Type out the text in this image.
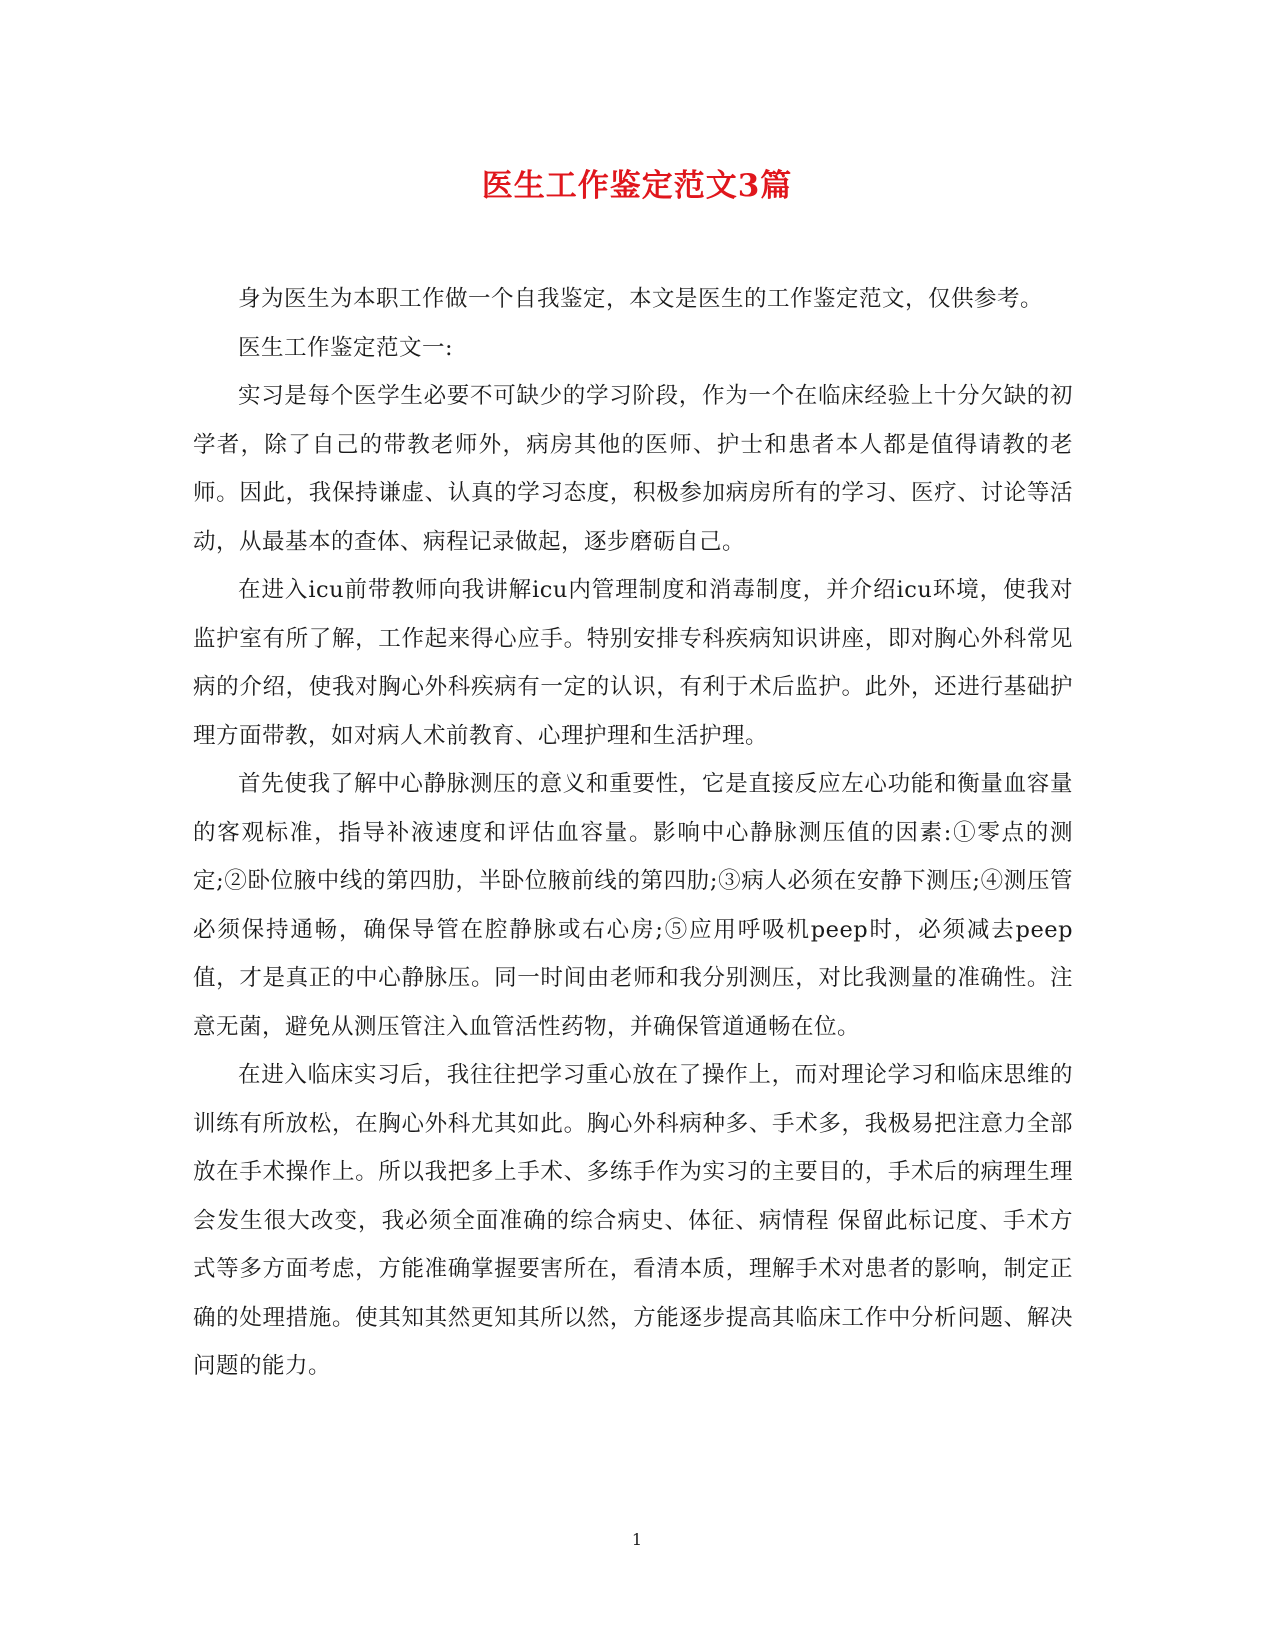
医生工作鉴定范文3篇

身为医生为本职工作做一个自我鉴定，本文是医生的工作鉴定范文，仅供参考。

医生工作鉴定范文一:

实习是每个医学生必要不可缺少的学习阶段，作为一个在临床经验上十分欠缺的初学者，除了自己的带教老师外，病房其他的医师、护士和患者本人都是值得请教的老师。因此，我保持谦虚、认真的学习态度，积极参加病房所有的学习、医疗、讨论等活动，从最基本的查体、病程记录做起，逐步磨砺自己。

在进入icu前带教师向我讲解icu内管理制度和消毒制度，并介绍icu环境，使我对监护室有所了解，工作起来得心应手。特别安排专科疾病知识讲座，即对胸心外科常见病的介绍，使我对胸心外科疾病有一定的认识，有利于术后监护。此外，还进行基础护理方面带教，如对病人术前教育、心理护理和生活护理。

首先使我了解中心静脉测压的意义和重要性，它是直接反应左心功能和衡量血容量的客观标准，指导补液速度和评估血容量。影响中心静脉测压值的因素:①零点的测定;②卧位腋中线的第四肋，半卧位腋前线的第四肋;③病人必须在安静下测压;④测压管必须保持通畅，确保导管在腔静脉或右心房;⑤应用呼吸机peep时，必须减去peep值，才是真正的中心静脉压。同一时间由老师和我分别测压，对比我测量的准确性。注意无菌，避免从测压管注入血管活性药物，并确保管道通畅在位。

在进入临床实习后，我往往把学习重心放在了操作上，而对理论学习和临床思维的训练有所放松，在胸心外科尤其如此。胸心外科病种多、手术多，我极易把注意力全部放在手术操作上。所以我把多上手术、多练手作为实习的主要目的，手术后的病理生理会发生很大改变，我必须全面准确的综合病史、体征、病情程 保留此标记度、手术方式等多方面考虑，方能准确掌握要害所在，看清本质，理解手术对患者的影响，制定正确的处理措施。使其知其然更知其所以然，方能逐步提高其临床工作中分析问题、解决问题的能力。

1
